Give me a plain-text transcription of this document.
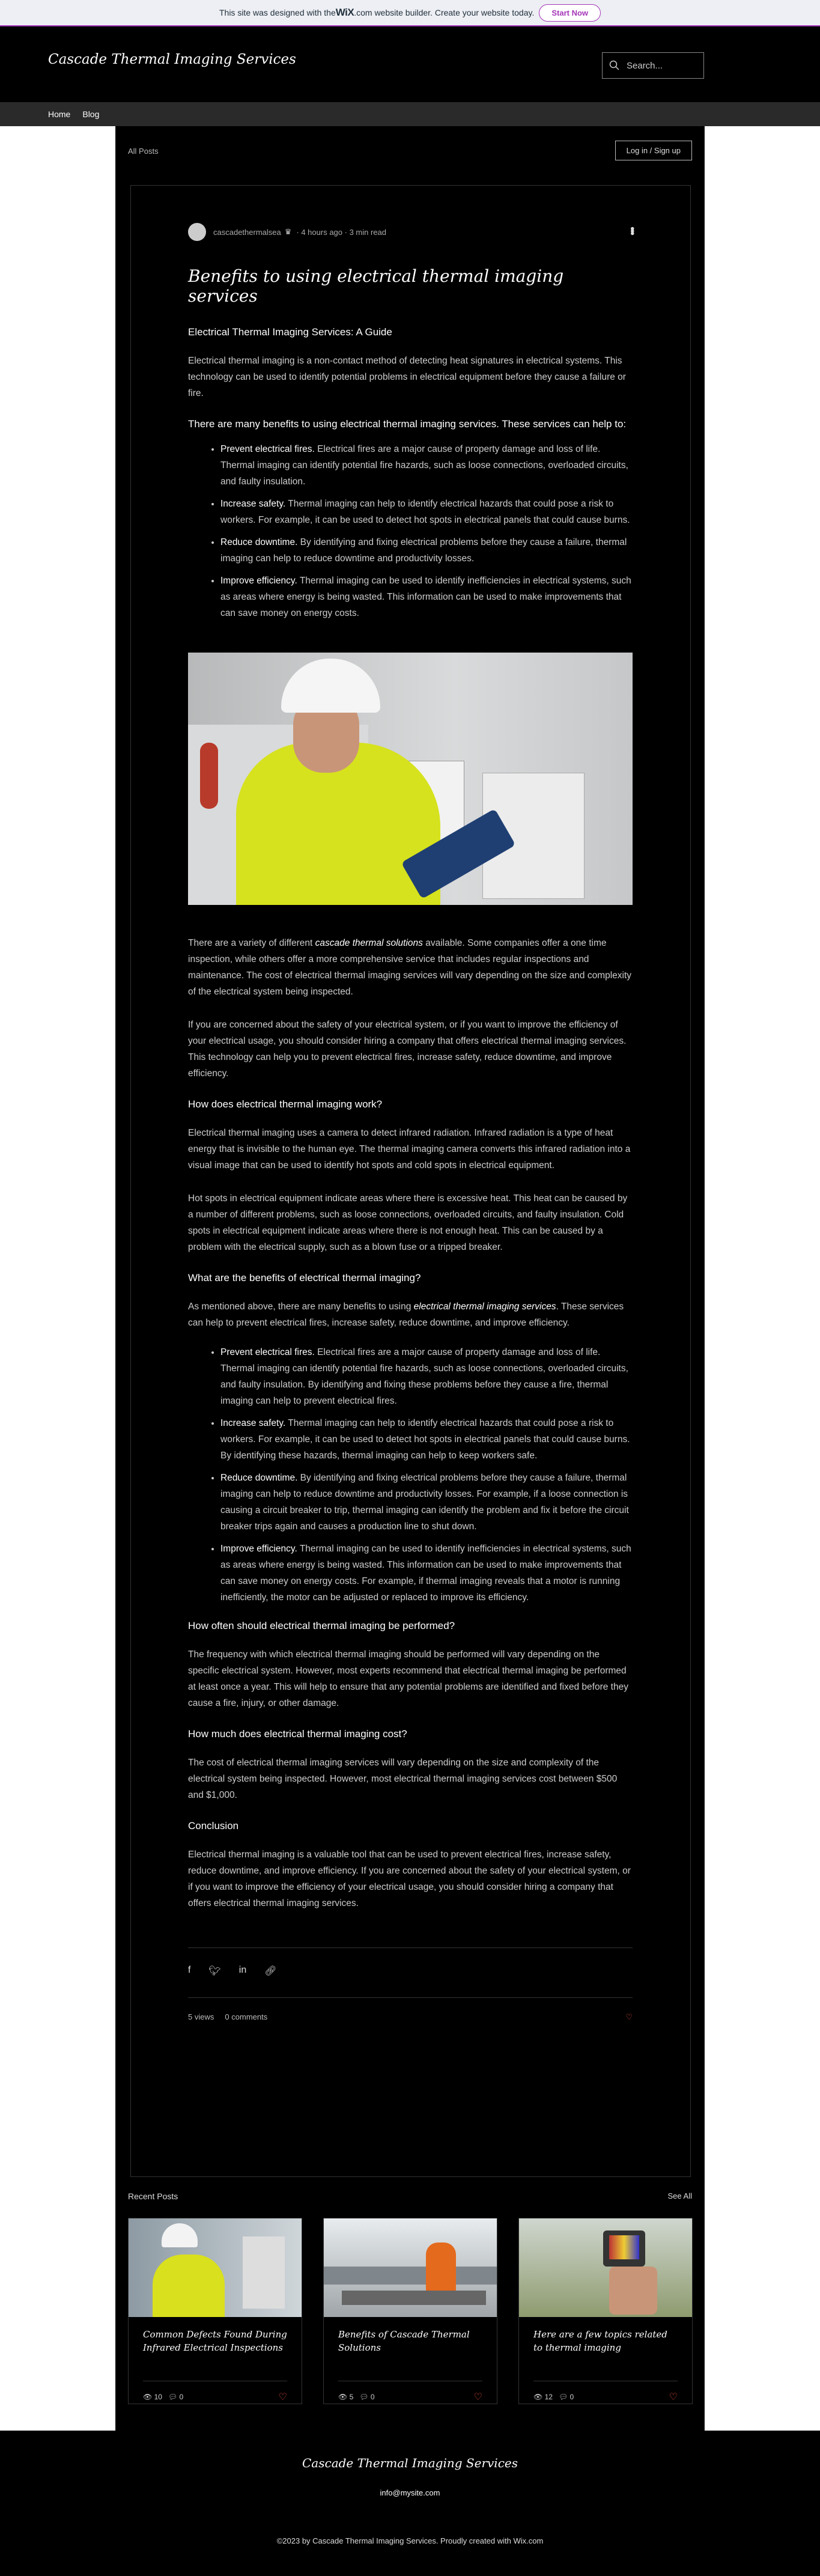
This site was designed with the WiX .com website builder. Create your website today.	Start Now
Cascade Thermal Imaging Services	Search...
Home Blog
All Posts	Log in / Sign up
cascadethermalsea ♛ · 4 hours ago · 3 min read	•••
Benefits to using electrical thermal imaging services
Electrical Thermal Imaging Services: A Guide

Electrical thermal imaging is a non-contact method of detecting heat signatures in electrical systems. This technology can be used to identify potential problems in electrical equipment before they cause a failure or fire.

There are many benefits to using electrical thermal imaging services. These services can help to:
• Prevent electrical fires. Electrical fires are a major cause of property damage and loss of life. Thermal imaging can identify potential fire hazards, such as loose connections, overloaded circuits, and faulty insulation.
• Increase safety. Thermal imaging can help to identify electrical hazards that could pose a risk to workers. For example, it can be used to detect hot spots in electrical panels that could cause burns.
• Reduce downtime. By identifying and fixing electrical problems before they cause a failure, thermal imaging can help to reduce downtime and productivity losses.
• Improve efficiency. Thermal imaging can be used to identify inefficiencies in electrical systems, such as areas where energy is being wasted. This information can be used to make improvements that can save money on energy costs.

There are a variety of different cascade thermal solutions available. Some companies offer a one time inspection, while others offer a more comprehensive service that includes regular inspections and maintenance. The cost of electrical thermal imaging services will vary depending on the size and complexity of the electrical system being inspected.

If you are concerned about the safety of your electrical system, or if you want to improve the efficiency of your electrical usage, you should consider hiring a company that offers electrical thermal imaging services. This technology can help you to prevent electrical fires, increase safety, reduce downtime, and improve efficiency.

How does electrical thermal imaging work?

Electrical thermal imaging uses a camera to detect infrared radiation. Infrared radiation is a type of heat energy that is invisible to the human eye. The thermal imaging camera converts this infrared radiation into a visual image that can be used to identify hot spots and cold spots in electrical equipment.

Hot spots in electrical equipment indicate areas where there is excessive heat. This heat can be caused by a number of different problems, such as loose connections, overloaded circuits, and faulty insulation. Cold spots in electrical equipment indicate areas where there is not enough heat. This can be caused by a problem with the electrical supply, such as a blown fuse or a tripped breaker.

What are the benefits of electrical thermal imaging?

As mentioned above, there are many benefits to using electrical thermal imaging services. These services can help to prevent electrical fires, increase safety, reduce downtime, and improve efficiency.

• Prevent electrical fires. Electrical fires are a major cause of property damage and loss of life. Thermal imaging can identify potential fire hazards, such as loose connections, overloaded circuits, and faulty insulation. By identifying and fixing these problems before they cause a fire, thermal imaging can help to prevent electrical fires.
• Increase safety. Thermal imaging can help to identify electrical hazards that could pose a risk to workers. For example, it can be used to detect hot spots in electrical panels that could cause burns. By identifying these hazards, thermal imaging can help to keep workers safe.
• Reduce downtime. By identifying and fixing electrical problems before they cause a failure, thermal imaging can help to reduce downtime and productivity losses. For example, if a loose connection is causing a circuit breaker to trip, thermal imaging can identify the problem and fix it before the circuit breaker trips again and causes a production line to shut down.
• Improve efficiency. Thermal imaging can be used to identify inefficiencies in electrical systems, such as areas where energy is being wasted. This information can be used to make improvements that can save money on energy costs. For example, if thermal imaging reveals that a motor is running inefficiently, the motor can be adjusted or replaced to improve its efficiency.
How often should electrical thermal imaging be performed?

The frequency with which electrical thermal imaging should be performed will vary depending on the specific electrical system. However, most experts recommend that electrical thermal imaging be performed at least once a year. This will help to ensure that any potential problems are identified and fixed before they cause a fire, injury, or other damage.

How much does electrical thermal imaging cost?

The cost of electrical thermal imaging services will vary depending on the size and complexity of the electrical system being inspected. However, most electrical thermal imaging services cost between $500 and $1,000.

Conclusion

Electrical thermal imaging is a valuable tool that can be used to prevent electrical fires, increase safety, reduce downtime, and improve efficiency. If you are concerned about the safety of your electrical system, or if you want to improve the efficiency of your electrical usage, you should consider hiring a company that offers electrical thermal imaging services.

f 🐦︎ in 🔗︎
5 views 0 comments	♡
Recent Posts	See All
Common Defects Found During Infrared Electrical Inspections
👁︎ 10
💬︎ 0	♡
Benefits of Cascade Thermal Solutions
👁︎ 5
💬︎ 0	♡
Here are a few topics related to thermal imaging
👁︎ 12
💬︎ 0	♡
Cascade Thermal Imaging Services
info@mysite.com
©2023 by Cascade Thermal Imaging Services. Proudly created with Wix.com
